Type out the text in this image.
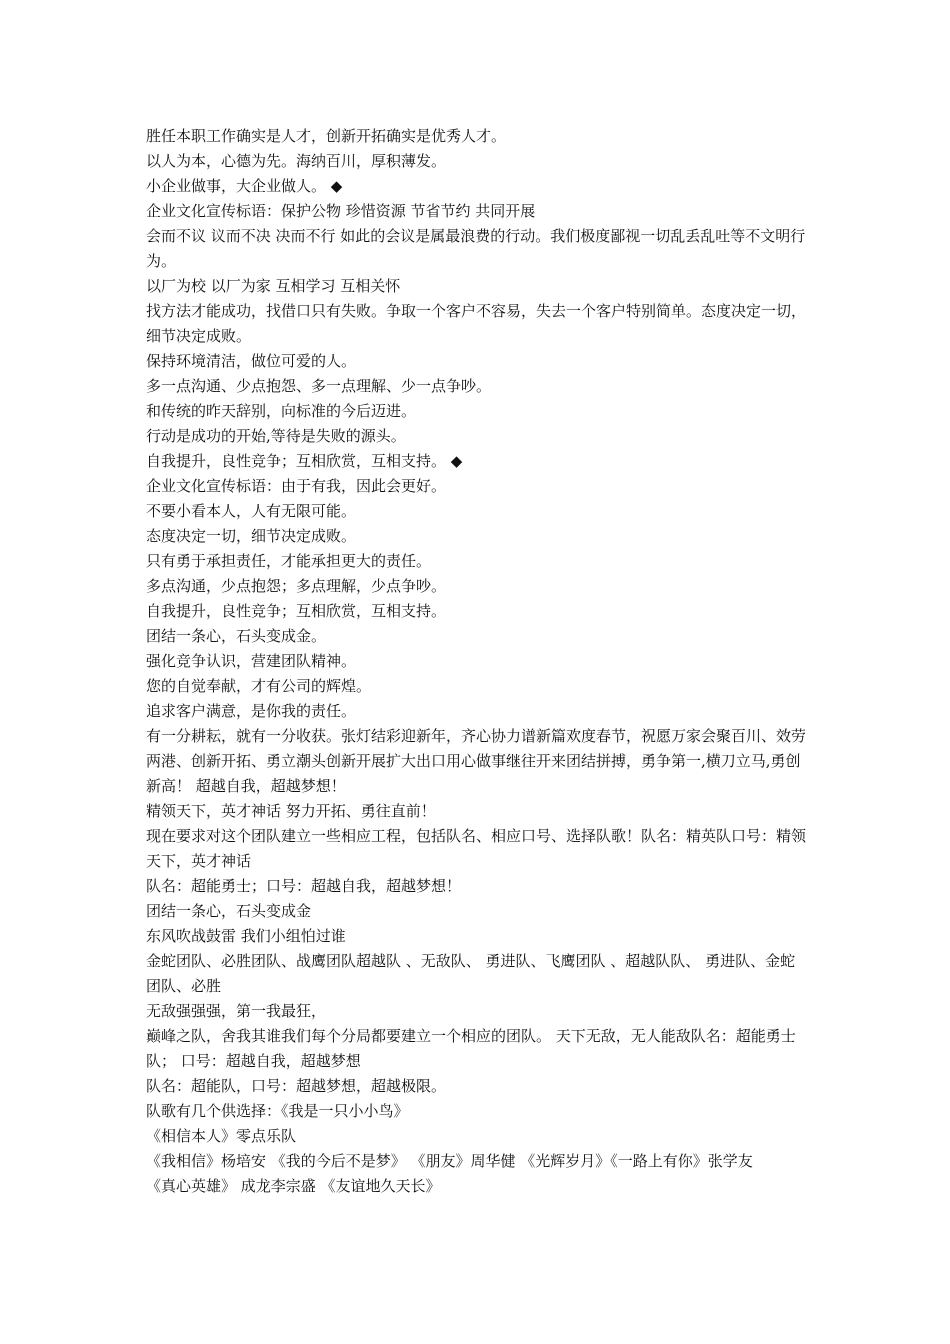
胜任本职工作确实是人才，创新开拓确实是优秀人才。

以人为本，心德为先。海纳百川，厚积薄发。

小企业做事，大企业做人。 ◆

企业文化宣传标语：保护公物 珍惜资源 节省节约 共同开展

会而不议 议而不决 决而不行 如此的会议是属最浪费的行动。我们极度鄙视一切乱丢乱吐等不文明行为。

以厂为校 以厂为家 互相学习 互相关怀

找方法才能成功，找借口只有失败。争取一个客户不容易，失去一个客户特别简单。态度决定一切，细节决定成败。

保持环境清洁，做位可爱的人。

多一点沟通、少点抱怨、多一点理解、少一点争吵。

和传统的昨天辞别，向标准的今后迈进。

行动是成功的开始,等待是失败的源头。

自我提升，良性竞争；互相欣赏，互相支持。 ◆

企业文化宣传标语：由于有我，因此会更好。

不要小看本人，人有无限可能。

态度决定一切，细节决定成败。

只有勇于承担责任，才能承担更大的责任。

多点沟通，少点抱怨；多点理解，少点争吵。

自我提升，良性竞争；互相欣赏，互相支持。

团结一条心，石头变成金。

强化竞争认识，营建团队精神。

您的自觉奉献，才有公司的辉煌。

追求客户满意，是你我的责任。

有一分耕耘，就有一分收获。张灯结彩迎新年，齐心协力谱新篇欢度春节，祝愿万家会聚百川、效劳两港、创新开拓、勇立潮头创新开展扩大出口用心做事继往开来团结拼搏，勇争第一,横刀立马,勇创新高！ 超越自我，超越梦想！

精领天下，英才神话 努力开拓、勇往直前！

现在要求对这个团队建立一些相应工程，包括队名、相应口号、选择队歌！队名：精英队口号：精领天下，英才神话

队名：超能勇士；口号：超越自我，超越梦想！

团结一条心，石头变成金

东风吹战鼓雷 我们小组怕过谁

金蛇团队、必胜团队、战鹰团队超越队 、无敌队、 勇进队、飞鹰团队 、超越队队、 勇进队、金蛇团队、必胜

无敌强强强，第一我最狂，

巅峰之队，舍我其谁我们每个分局都要建立一个相应的团队。 天下无敌，无人能敌队名：超能勇士队； 口号：超越自我，超越梦想

队名：超能队，口号：超越梦想，超越极限。

队歌有几个供选择：《我是一只小小鸟》

《相信本人》零点乐队

《我相信》杨培安 《我的今后不是梦》 《朋友》周华健 《光辉岁月》《一路上有你》张学友

《真心英雄》 成龙李宗盛 《友谊地久天长》
